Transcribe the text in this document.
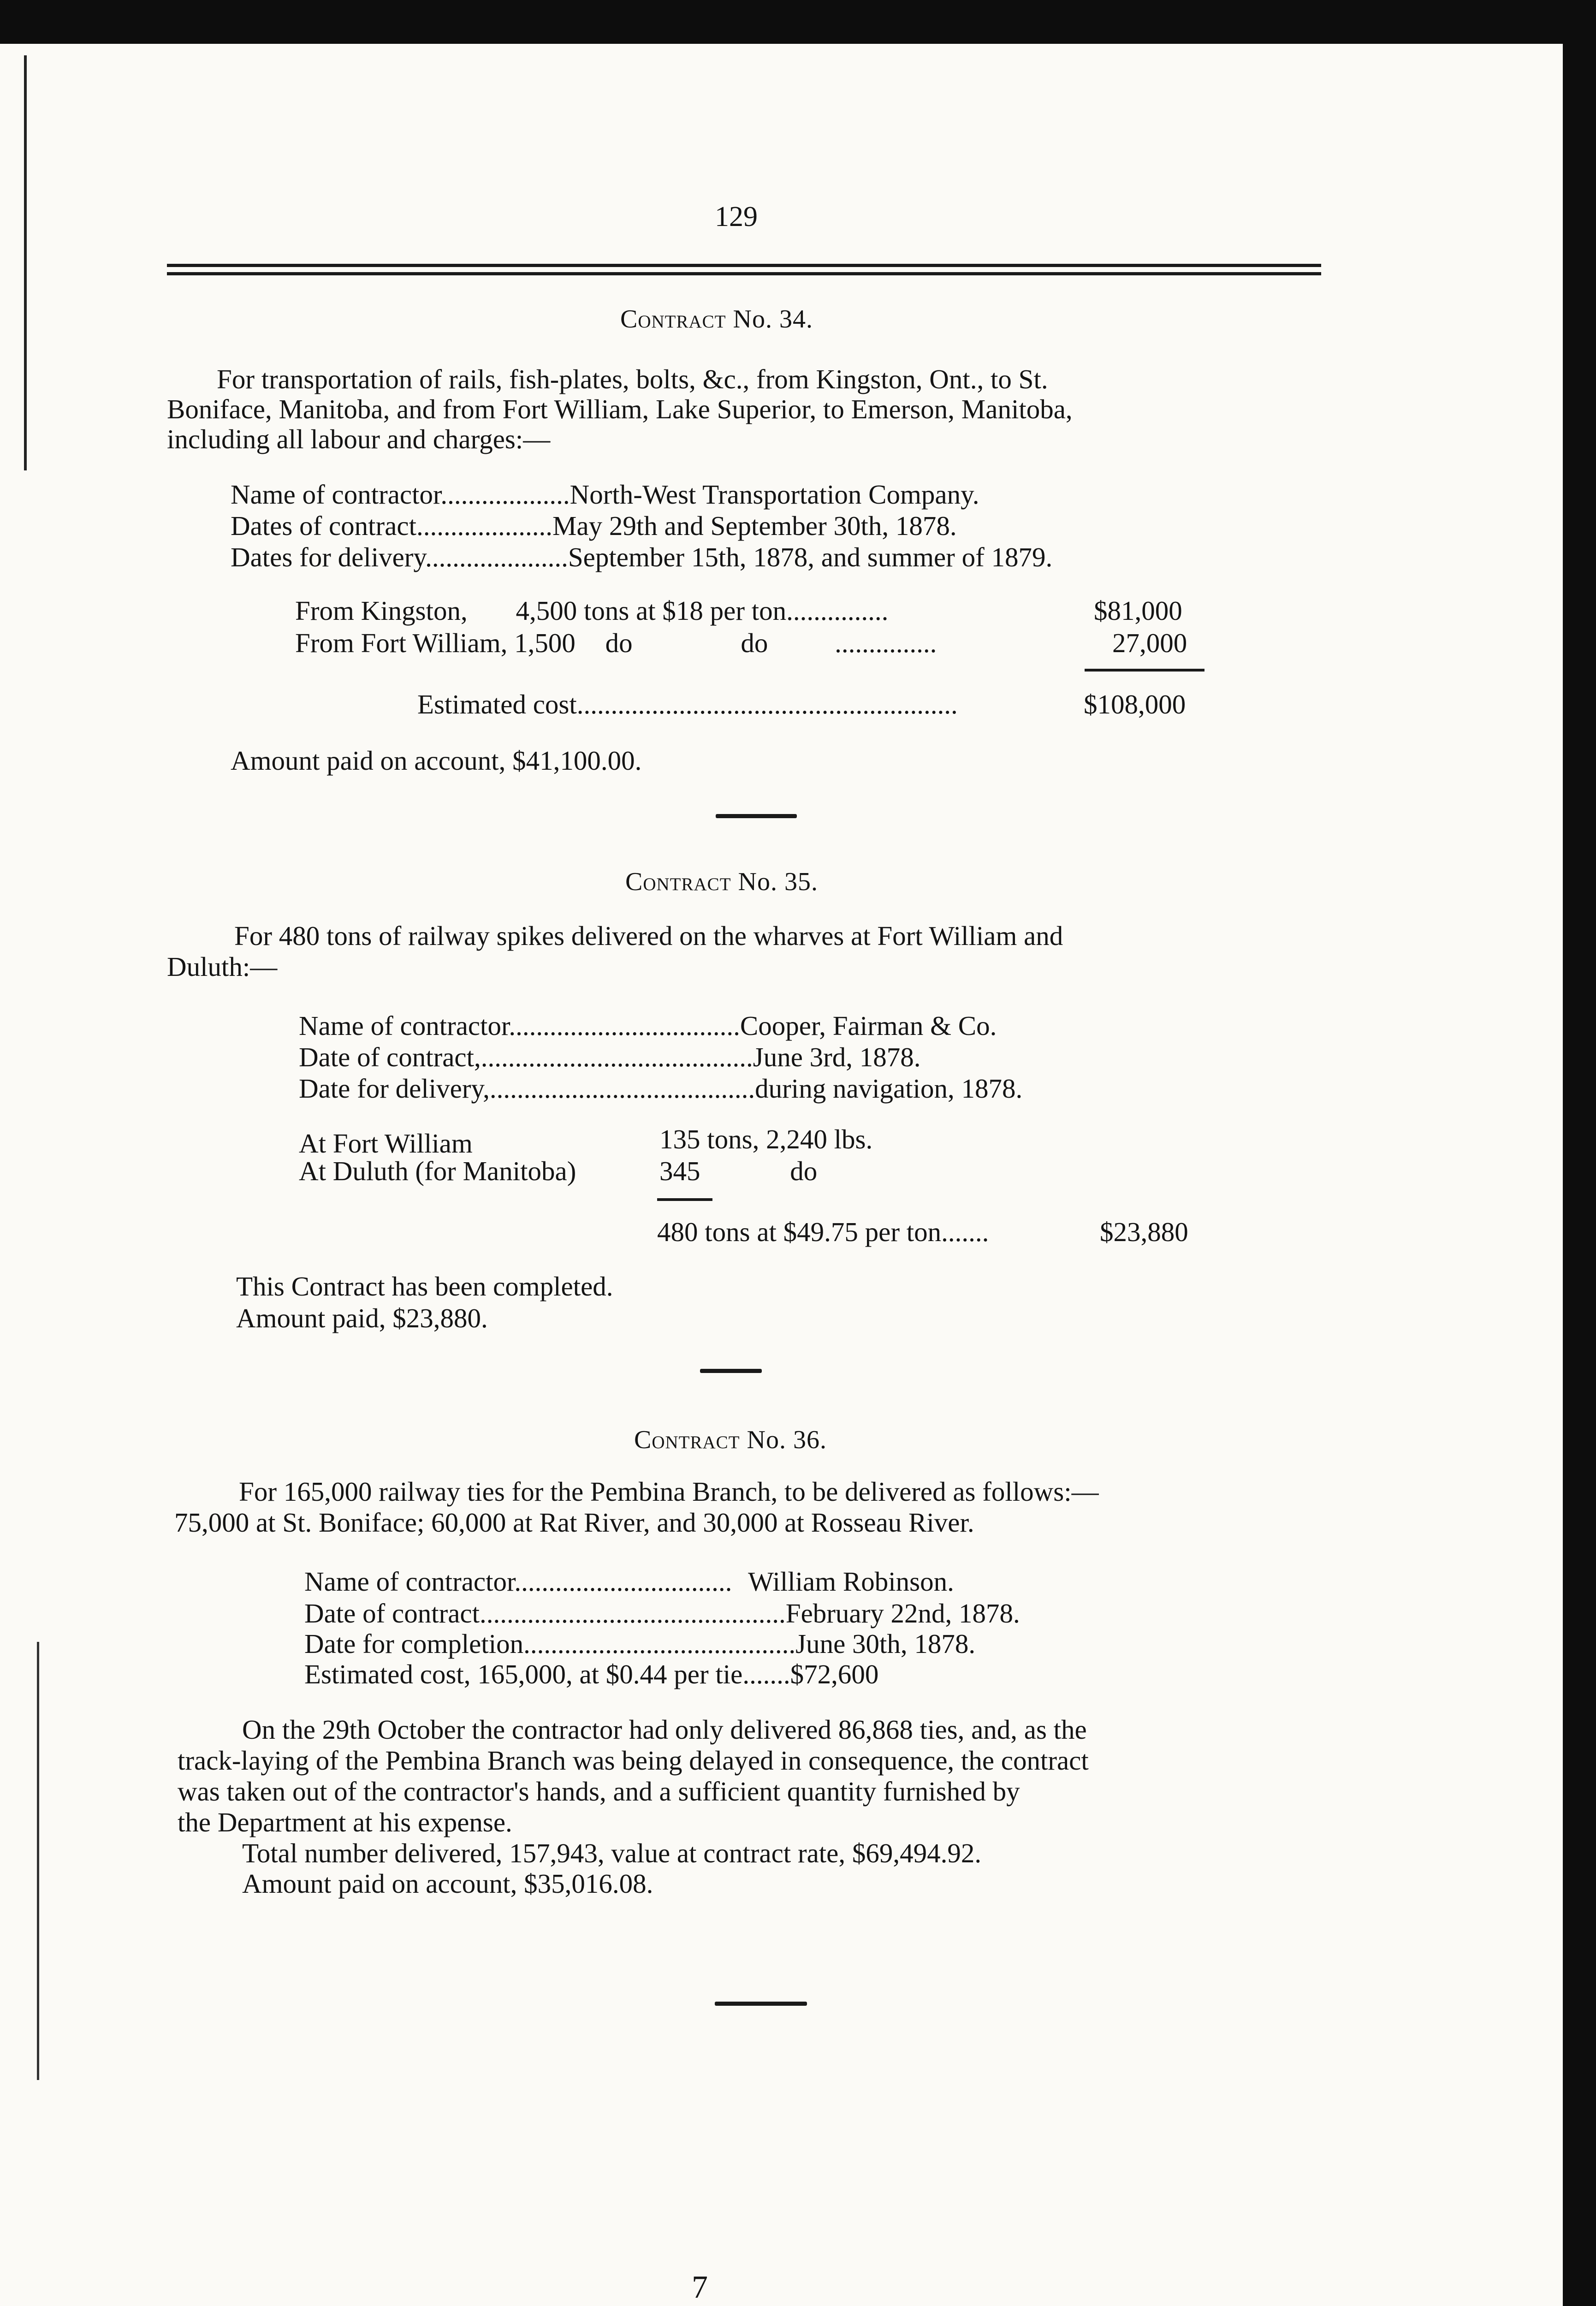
129
Contract No. 34.
For transportation of rails, fish-plates, bolts, &c., from Kingston, Ont., to St.
Boniface, Manitoba, and from Fort William, Lake Superior, to Emerson, Manitoba,
including all labour and charges:—
Name of contractor...................North-West Transportation Company.
Dates of contract....................May 29th and September 30th, 1878.
Dates for delivery.....................September 15th, 1878, and summer of 1879.
From Kingston, 4,500 tons at $18 per ton...............	$81,000
From Fort William, 1,500 do	do ...............	27,000
Estimated cost........................................................	$108,000
Amount paid on account, $41,100.00.
Contract No. 35.
For 480 tons of railway spikes delivered on the wharves at Fort William and
Duluth:—
Name of contractor..................................Cooper, Fairman & Co.
Date of contract,........................................June 3rd, 1878.
Date for delivery,.......................................during navigation, 1878.
At Fort William	135 tons, 2,240 lbs.
At Duluth (for Manitoba)	345	do
480 tons at $49.75 per ton.......	$23,880
This Contract has been completed.
Amount paid, $23,880.
Contract No. 36.
For 165,000 railway ties for the Pembina Branch, to be delivered as follows:—
75,000 at St. Boniface; 60,000 at Rat River, and 30,000 at Rosseau River.
Name of contractor................................ William Robinson.
Date of contract.............................................February 22nd, 1878.
Date for completion........................................June 30th, 1878.
Estimated cost, 165,000, at $0.44 per tie.......$72,600
On the 29th October the contractor had only delivered 86,868 ties, and, as the
track-laying of the Pembina Branch was being delayed in consequence, the contract
was taken out of the contractor's hands, and a sufficient quantity furnished by
the Department at his expense.
Total number delivered, 157,943, value at contract rate, $69,494.92.
Amount paid on account, $35,016.08.
7
